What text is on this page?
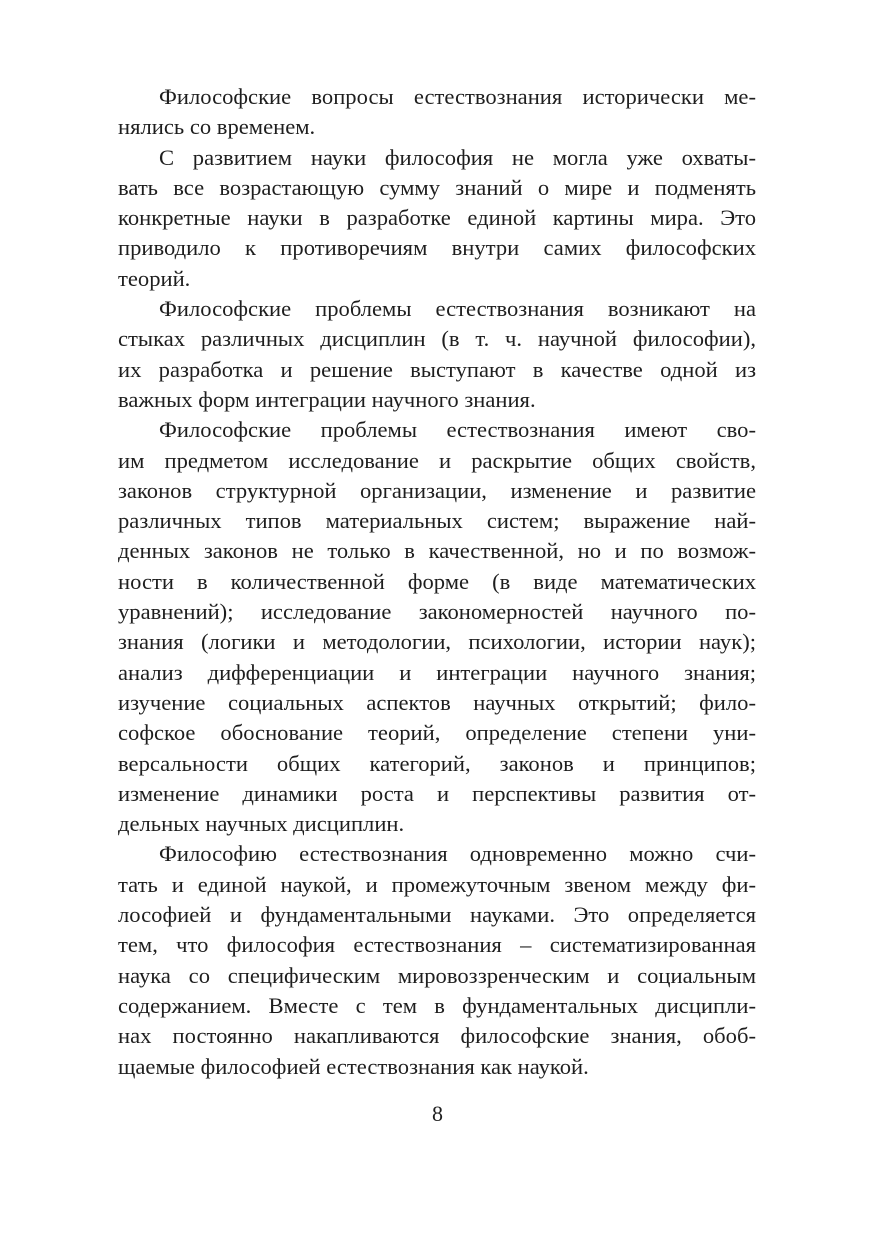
Философские вопросы естествознания исторически ме-
нялись со временем.
С развитием науки философия не могла уже охваты-
вать все возрастающую сумму знаний о мире и подменять
конкретные науки в разработке единой картины мира. Это
приводило к противоречиям внутри самих философских
теорий.
Философские проблемы естествознания возникают на
стыках различных дисциплин (в т. ч. научной философии),
их разработка и решение выступают в качестве одной из
важных форм интеграции научного знания.
Философские проблемы естествознания имеют сво-
им предметом исследование и раскрытие общих свойств,
законов структурной организации, изменение и развитие
различных типов материальных систем; выражение най-
денных законов не только в качественной, но и по возмож-
ности в количественной форме (в виде математических
уравнений); исследование закономерностей научного по-
знания (логики и методологии, психологии, истории наук);
анализ дифференциации и интеграции научного знания;
изучение социальных аспектов научных открытий; фило-
софское обоснование теорий, определение степени уни-
версальности общих категорий, законов и принципов;
изменение динамики роста и перспективы развития от-
дельных научных дисциплин.
Философию естествознания одновременно можно счи-
тать и единой наукой, и промежуточным звеном между фи-
лософией и фундаментальными науками. Это определяется
тем, что философия естествознания – систематизированная
наука со специфическим мировоззренческим и социальным
содержанием. Вместе с тем в фундаментальных дисципли-
нах постоянно накапливаются философские знания, обоб-
щаемые философией естествознания как наукой.
8
